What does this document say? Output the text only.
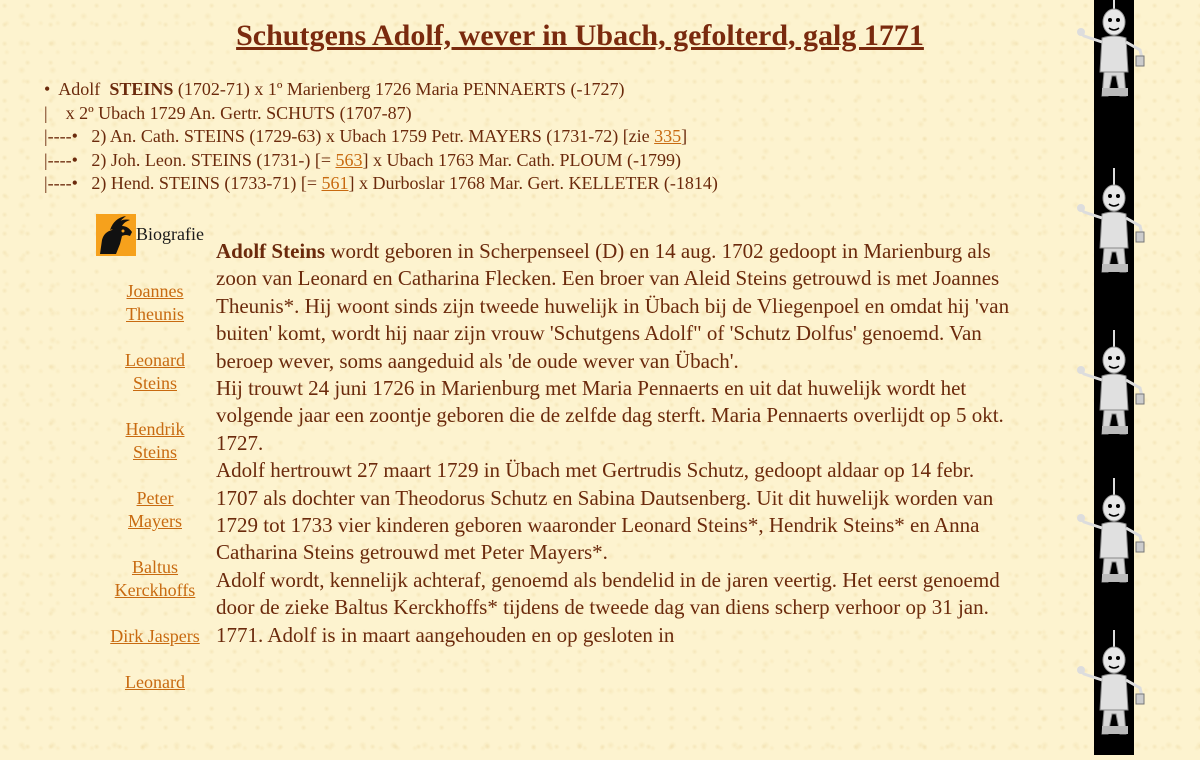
Schutgens Adolf, wever in Ubach, gefolterd, galg 1771
•  Adolf  STEINS (1702-71) x 1º Marienberg 1726 Maria PENNAERTS (-1727)
|    x 2º Ubach 1729 An. Gertr. SCHUTS (1707-87)
|----•   2) An. Cath. STEINS (1729-63) x Ubach 1759 Petr. MAYERS (1731-72) [zie 335]
|----•   2) Joh. Leon. STEINS (1731-) [= 563] x Ubach 1763 Mar. Cath. PLOUM (-1799)
|----•   2) Hend. STEINS (1733-71) [= 561] x Durboslar 1768 Mar. Gert. KELLETER (-1814)
Biografie
Joannes
Theunis
Leonard
Steins
Hendrik
Steins
Peter
Mayers
Baltus
Kerckhoffs
Dirk Jaspers
Leonard

Adolf Steins wordt geboren in Scherpenseel (D) en 14 aug. 1702 gedoopt in Marienburg als zoon van Leonard en Catharina Flecken. Een broer van Aleid Steins getrouwd is met Joannes Theunis*. Hij woont sinds zijn tweede huwelijk in Übach bij de Vliegenpoel en omdat hij 'van buiten' komt, wordt hij naar zijn vrouw 'Schutgens Adolf" of 'Schutz Dolfus' genoemd. Van beroep wever, soms aangeduid als 'de oude wever van Übach'.

Hij trouwt 24 juni 1726 in Marienburg met Maria Pennaerts en uit dat huwelijk wordt het volgende jaar een zoontje geboren die de zelfde dag sterft. Maria Pennaerts overlijdt op 5 okt. 1727.

Adolf hertrouwt 27 maart 1729 in Übach met Gertrudis Schutz, gedoopt aldaar op 14 febr. 1707 als dochter van Theodorus Schutz en Sabina Dautsenberg. Uit dit huwelijk worden van 1729 tot 1733 vier kinderen geboren waaronder Leonard Steins*, Hendrik Steins* en Anna Catharina Steins getrouwd met Peter Mayers*.

Adolf wordt, kennelijk achteraf, genoemd als bendelid in de jaren veertig. Het eerst genoemd door de zieke Baltus Kerckhoffs* tijdens de tweede dag van diens scherp verhoor op 31 jan. 1771. Adolf is in maart aangehouden en op gesloten in
